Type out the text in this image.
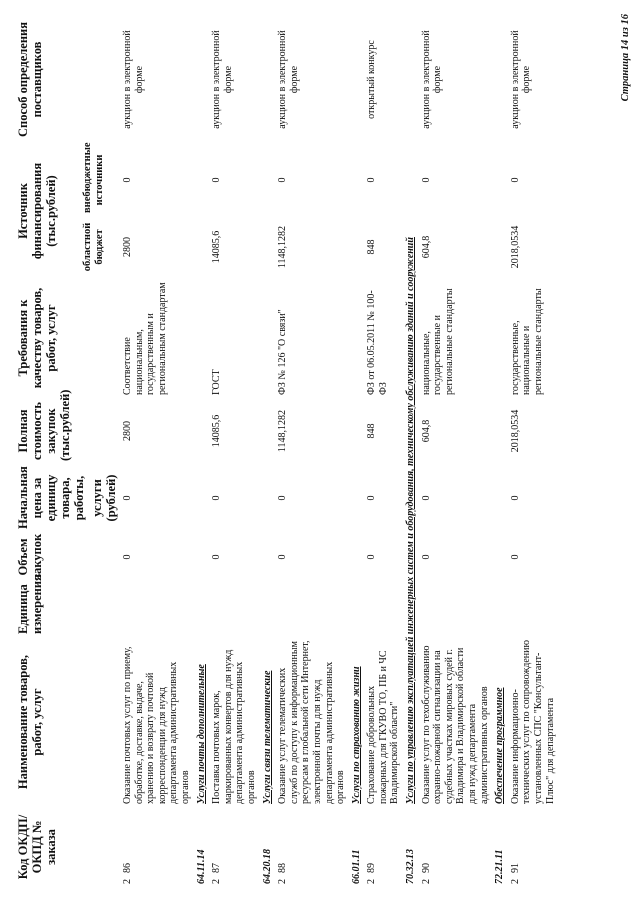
Код ОКДП/ ОКПД № заказа	Наименование товаров, работ, услуг	Единица измерения	Объем закупок	Начальная цена за единицу товара, работы, услуги (рублей)	Полная стоимость закупок (тыс.рублей)	Требования к качеству товаров, работ, услуг	Источник финансирования (тыс.рублей)		Способ определения поставщиков
							областной бюджет	внебюджетные источники	
286	Оказание почтовых услуг по приему, обработке, доставке, выдаче, хранению и возврату почтовой корреспонденции для нужд департамента административных органов		0	0	2800	Соответствие национальным, государственным и региональным стандартам	2800	0	аукцион в электронной форме
64.11.14	Услуги почты дополнительные								
287	Поставка почтовых марок, маркированных конвертов для нужд департамента административных органов		0	0	14085,6	ГОСТ	14085,6	0	аукцион в электронной форме
64.20.18	Услуги связи телематические								
288	Оказание услуг телематических служб по доступу к информационным ресурсам в глобальной сети Интернет, электронной почты для нужд департамента административных органов		0	0	1148,1282	ФЗ № 126 "О связи"	1148,1282	0	аукцион в электронной форме
66.01.11	Услуги по страхованию жизни								
289	Страхование добровольных пожарных для ГКУВО ТО, ПБ и ЧС Владимирской области"		0	0	848	ФЗ от 06.05.2011 № 100-ФЗ	848	0	открытый конкурс
70.32.13	Услуги по управлению эксплуатацией инженерных систем и оборудования, техническому обслуживанию зданий и сооружений								
290	Оказание услуг по техобслуживанию охранно-пожарной сигнализации на судебных участках мировых судей г. Владимира и Владимирской области для нужд департамента административных органов		0	0	604,8	национальные, государственные и региональные стандарты	604,8	0	аукцион в электронной форме
72.21.11	Обеспечение программное								
291	Оказание информационно-технических услуг по сопровождению установленных СПС "Консультант-Плюс" для департамента		0	0	2018,0534	государственные, национальные и региональные стандарты	2018,0534	0	аукцион в электронной форме	Страница 14 из 16
